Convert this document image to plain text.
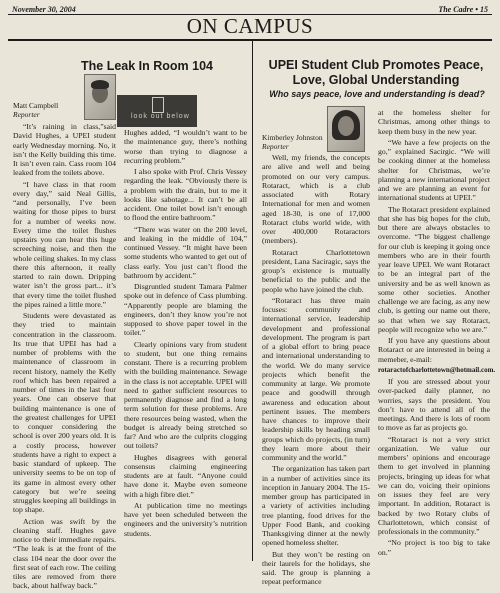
November 30, 2004	The Cadre • 15
ON CAMPUS
The Leak In Room 104
Matt Campbell
Reporter	look out below

“It’s raining in class,”said David Hughes, a UPEI student early Wednesday morning. No, it isn’t the Kelly building this time. It isn’t even rain. Cass room 104 leaked from the toilets above.

“I have class in that room every day,” said Neal Gillis, “and personally, I’ve been waiting for those pipes to burst for a number of weeks now. Every time the toilet flushes upstairs you can hear this huge screeching noise, and then the whole ceiling shakes. In my class there this afternoon, it really started to rain down. Dripping water isn’t the gross part... it’s that every time the toilet flushed the pipes rained a little more.”

Students were devastated as they tried to maintain concentration in the classroom. Its true that UPEI has had a number of problems with the maintenance of classroom in recent history, namely the Kelly roof which has been repaired a number of times in the last four years. One can observe that building maintenance is one of the greatest challenges for UPEI to conquer considering the school is over 200 years old. It is a costly process, however students have a right to expect a basic standard of upkeep. The university seems to be on top of its game in almost every other category but we’re seeing struggles keeping all buildings in top shape.

Action was swift by the cleaning staff. Hughes gave notice to their immediate repairs. “The leak is at the front of the class 104 near the door over the first seat of each row. The ceiling tiles are removed from there back, about halfway back.”

Hughes added, “I wouldn’t want to be the maintenance guy, there’s nothing worse than trying to diagnose a recurring problem.”

I also spoke with Prof. Chris Vessey regarding the leak. “Obviously there is a problem with the drain, but to me it looks like sabotage... It can’t be all accident. One toilet bowl isn’t enough to flood the entire bathroom.”

“There was water on the 200 level, and leaking in the middle of 104,” continued Vessey. “It might have been some students who wanted to get out of class early. You just can’t flood the bathroom by accident.”

Disgruntled student Tamara Palmer spoke out in defence of Cass plumbing. “Apparently people are blaming the engineers, don’t they know you’re not supposed to shove paper towel in the toilet.”

Clearly opinions vary from student to student, but one thing remains constant. There is a recurring problem with the building maintenance. Sewage in the class is not acceptable. UPEI will need to gather sufficient resources to permanently diagnose and find a long term solution for these problems. Are there resources being wasted, when the budget is already being stretched so far? And who are the culprits clogging out toilets?

Hughes disagrees with general consensus claiming engineering students are at fault. “Anyone could have done it. Maybe even someone with a high fibre diet.”

At publication time no meetings have yet been scheduled between the engineers and the university’s nutrition students.

UPEI Student Club Promotes Peace, Love, Global Understanding
Who says peace, love and understanding is dead?
Kimberley Johnston
Reporter

Well, my friends, the concepts are alive and well and being promoted on our very campus. Rotaract, which is a club associated with Rotary International for men and women aged 18-30, is one of 17,000 Rotaract clubs world wide, with over 400,000 Rotaractors (members).

Rotaract Charlottetown president, Lana Saciragic, says the group’s existence is mutually beneficial to the public and the people who have joined the club.

“Rotaract has three main focuses: community and international service, leadership development and professional development. The program is part of a global effort to bring peace and international understanding to the world. We do many service projects which benefit the community at large. We promote peace and goodwill through awareness and education about pertinent issues. The members have chances to improve their leadership skills by heading small groups which do projects, (in turn) they learn more about their community and the world.”

The organization has taken part in a number of activities since its inception in January 2004. The 15-member group has participated in a variety of activities including tree planting, food drives for the Upper Food Bank, and cooking Thanksgiving dinner at the newly opened homeless shelter.

But they won’t be resting on their laurels for the holidays, she said. The group is planning a repeat performance

at the homeless shelter for Christmas, among other things to keep them busy in the new year.

“We have a few projects on the go,” explained Sacirgic. “We will be cooking dinner at the homeless shelter for Christmas, we’re planning a new international project and we are planning an event for international students at UPEI.”

The Rotaract president explained that she has big hopes for the club, but there are always obstacles to overcome. “The biggest challenge for our club is keeping it going once members who are in their fourth year leave UPEI. We want Rotaract to be an integral part of the university and be as well known as some other societies. Another challenge we are facing, as any new club, is getting our name out there, so that when we say Rotaract, people will recognize who we are.”

If you have any questions about Rotaract or are interested in being a memeber, e-mail:

rotaractofcharlottetown@hotmail.com.

If you are stressed about your over-packed daily planner, no worries, says the president. You don’t have to attend all of the meetings. And there is lots of room to move as far as projects go.

“Rotaract is not a very strict organization. We value our members’ opinions and encourage them to get involved in planning projects, bringing up ideas for what we can do, voicing their opinions on issues they feel are very important. In addition, Rotaract is backed by two Rotary clubs of Charlottetown, which consist of professionals in the community.”

“No project is too big to take on.”
